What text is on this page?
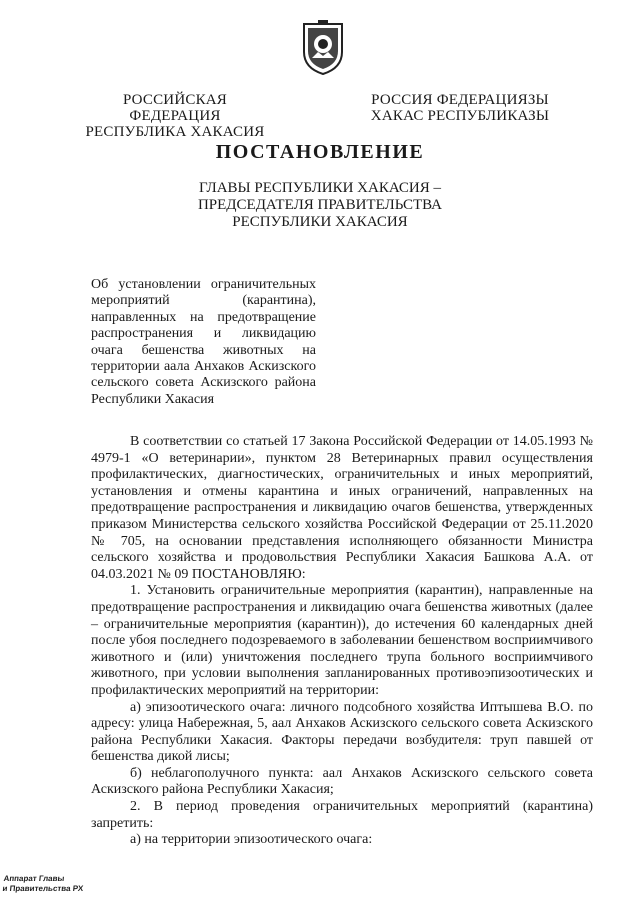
РОССИЙСКАЯ ФЕДЕРАЦИЯ
РЕСПУБЛИКА ХАКАСИЯ
РОССИЯ ФЕДЕРАЦИЯЗЫ
ХАКАС РЕСПУБЛИКАЗЫ
ПОСТАНОВЛЕНИЕ
ГЛАВЫ РЕСПУБЛИКИ ХАКАСИЯ –
ПРЕДСЕДАТЕЛЯ ПРАВИТЕЛЬСТВА
РЕСПУБЛИКИ ХАКАСИЯ
Об установлении ограничительных мероприятий (карантина), направленных на предотвращение распространения и ликвидацию очага бешенства животных на территории аала Анхаков Аскизского сельского совета Аскизского района Республики Хакасия

В соответствии со статьей 17 Закона Российской Федерации от 14.05.1993 № 4979-1 «О ветеринарии», пунктом 28 Ветеринарных правил осуществления профилактических, диагностических, ограничительных и иных мероприятий, установления и отмены карантина и иных ограничений, направленных на предотвращение распространения и ликвидацию очагов бешенства, утвержденных приказом Министерства сельского хозяйства Российской Федерации от 25.11.2020 № 705, на основании представления исполняющего обязанности Министра сельского хозяйства и продовольствия Республики Хакасия Башкова А.А. от 04.03.2021 № 09 ПОСТАНОВЛЯЮ:

1. Установить ограничительные мероприятия (карантин), направленные на предотвращение распространения и ликвидацию очага бешенства животных (далее – ограничительные мероприятия (карантин)), до истечения 60 календарных дней после убоя последнего подозреваемого в заболевании бешенством восприимчивого животного и (или) уничтожения последнего трупа больного восприимчивого животного, при условии выполнения запланированных противоэпизоотических и профилактических мероприятий на территории:

а) эпизоотического очага: личного подсобного хозяйства Иптышева В.О. по адресу: улица Набережная, 5, аал Анхаков Аскизского сельского совета Аскизского района Республики Хакасия. Факторы передачи возбудителя: труп павшей от бешенства дикой лисы;

б) неблагополучного пункта: аал Анхаков Аскизского сельского совета Аскизского района Республики Хакасия;

2. В период проведения ограничительных мероприятий (карантина) запретить:

а) на территории эпизоотического очага:

Аппарат Главы
и Правительства РХ
